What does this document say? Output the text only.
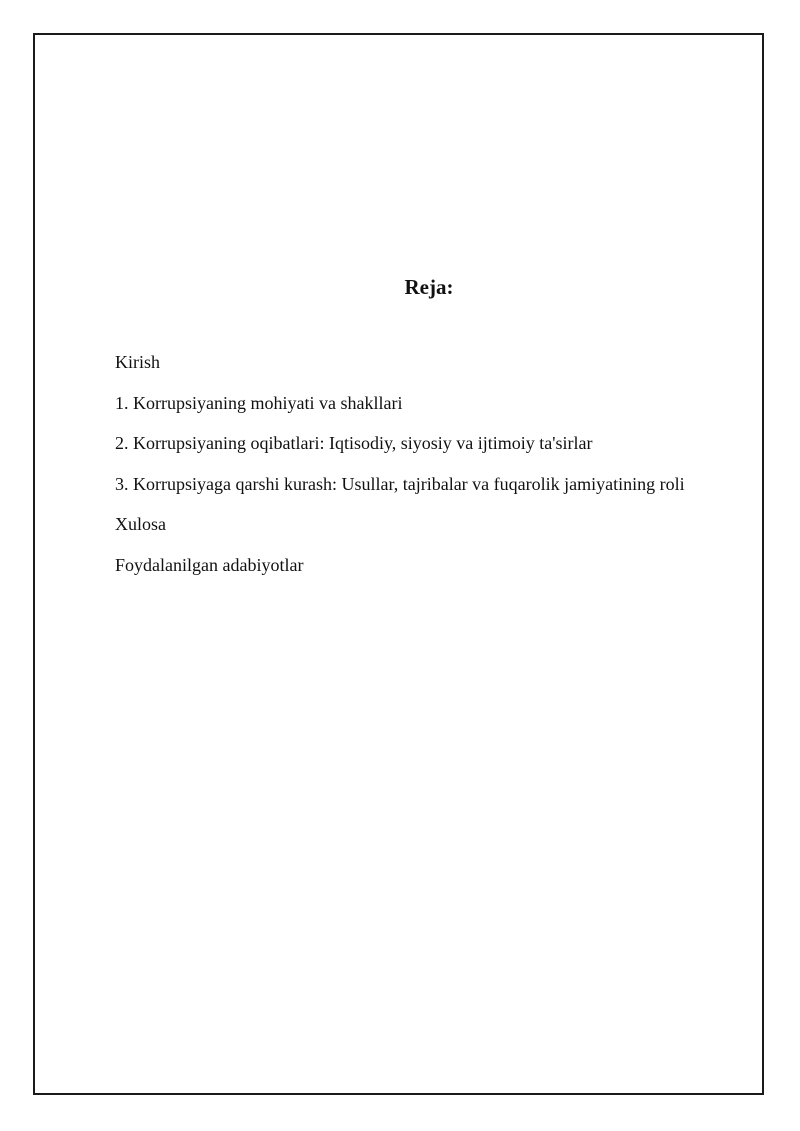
Reja:
Kirish
1. Korrupsiyaning mohiyati va shakllari
2. Korrupsiyaning oqibatlari: Iqtisodiy, siyosiy va ijtimoiy ta'sirlar
3. Korrupsiyaga qarshi kurash: Usullar, tajribalar va fuqarolik jamiyatining roli
Xulosa
Foydalanilgan adabiyotlar
